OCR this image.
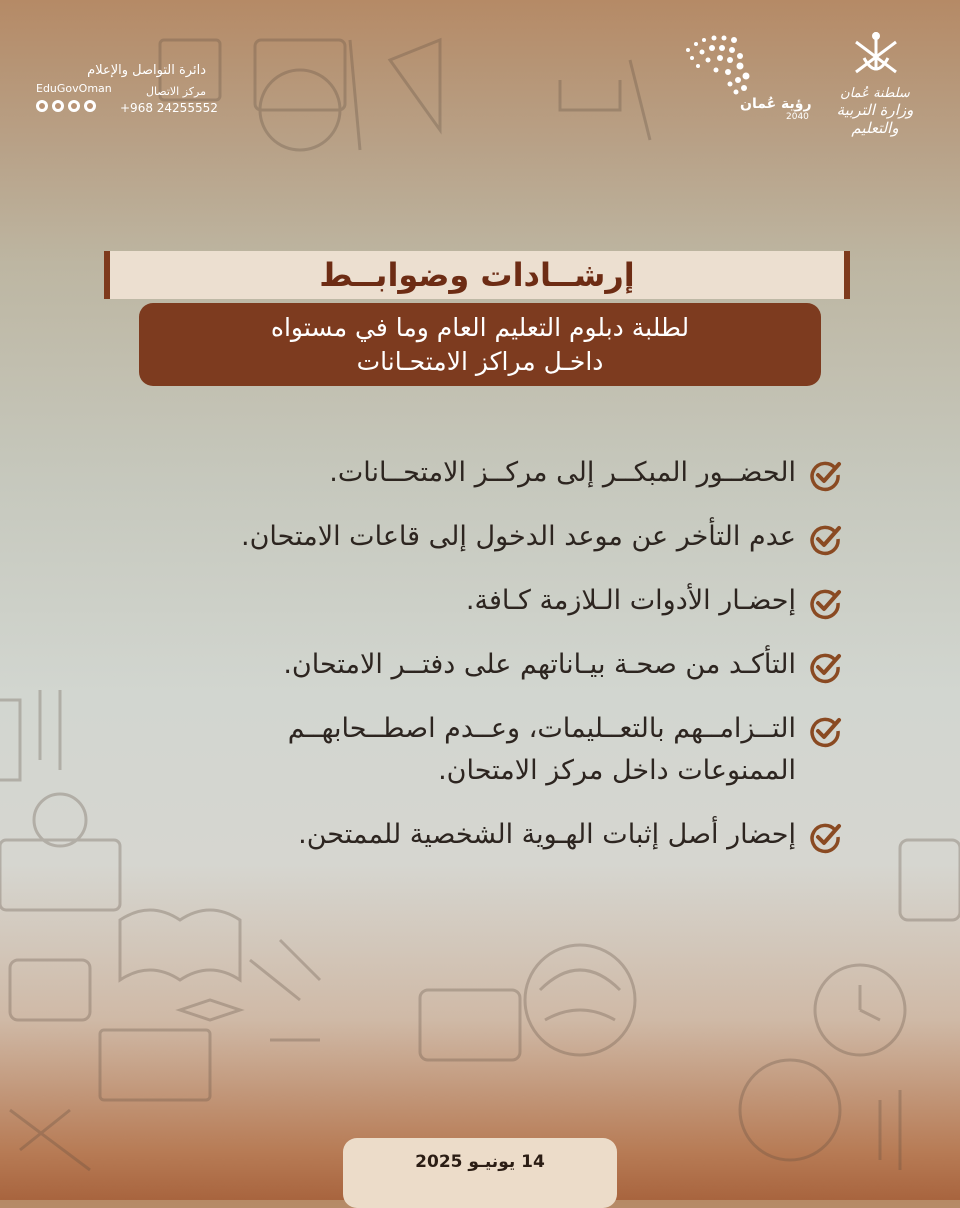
دائرة التواصل والإعلام
مركز الاتصال
EduGovOman
+968 24255552	رؤية عُمان
2040
سلطنة عُمان
وزارة التربية والتعليم
إرشــادات وضوابــط
لطلبة دبلوم التعليم العام وما في مستواه
داخـل مراكز الامتحـانات
الحضــور المبكــر إلى مركــز الامتحــانات.
عدم التأخر عن موعد الدخول إلى قاعات الامتحان.
إحضـار الأدوات الـلازمة كـافة.
التأكـد من صحـة بيـاناتهم على دفتــر الامتحان.
التــزامــهم بالتعــليمات، وعــدم اصطــحابهــم
الممنوعات داخل مركز الامتحان.
إحضار أصل إثبات الهـوية الشخصية للممتحن.
14 يونيـو 2025
